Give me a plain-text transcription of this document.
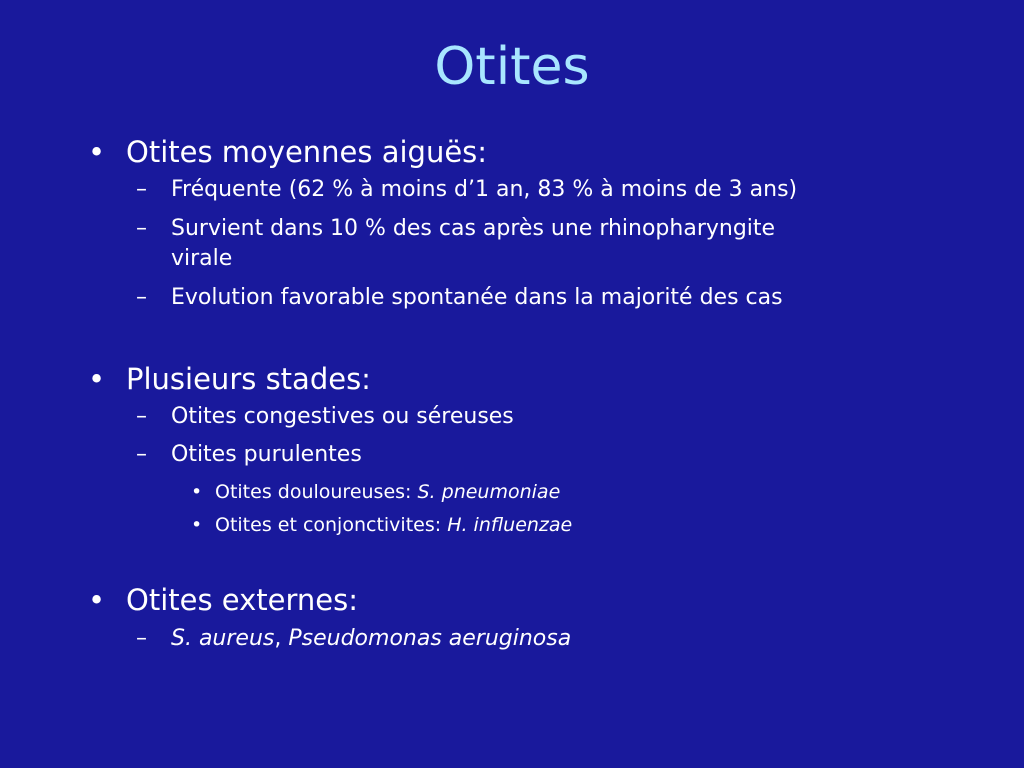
Otites
• Otites moyennes aiguës:
– Fréquente (62 % à moins d’1 an, 83 % à moins de 3 ans)
– Survient dans 10 % des cas après une rhinopharyngite
virale
– Evolution favorable spontanée dans la majorité des cas
• Plusieurs stades:
– Otites congestives ou séreuses
– Otites purulentes
• Otites douloureuses: S. pneumoniae
• Otites et conjonctivites: H. influenzae
• Otites externes:
– S. aureus, Pseudomonas aeruginosa
